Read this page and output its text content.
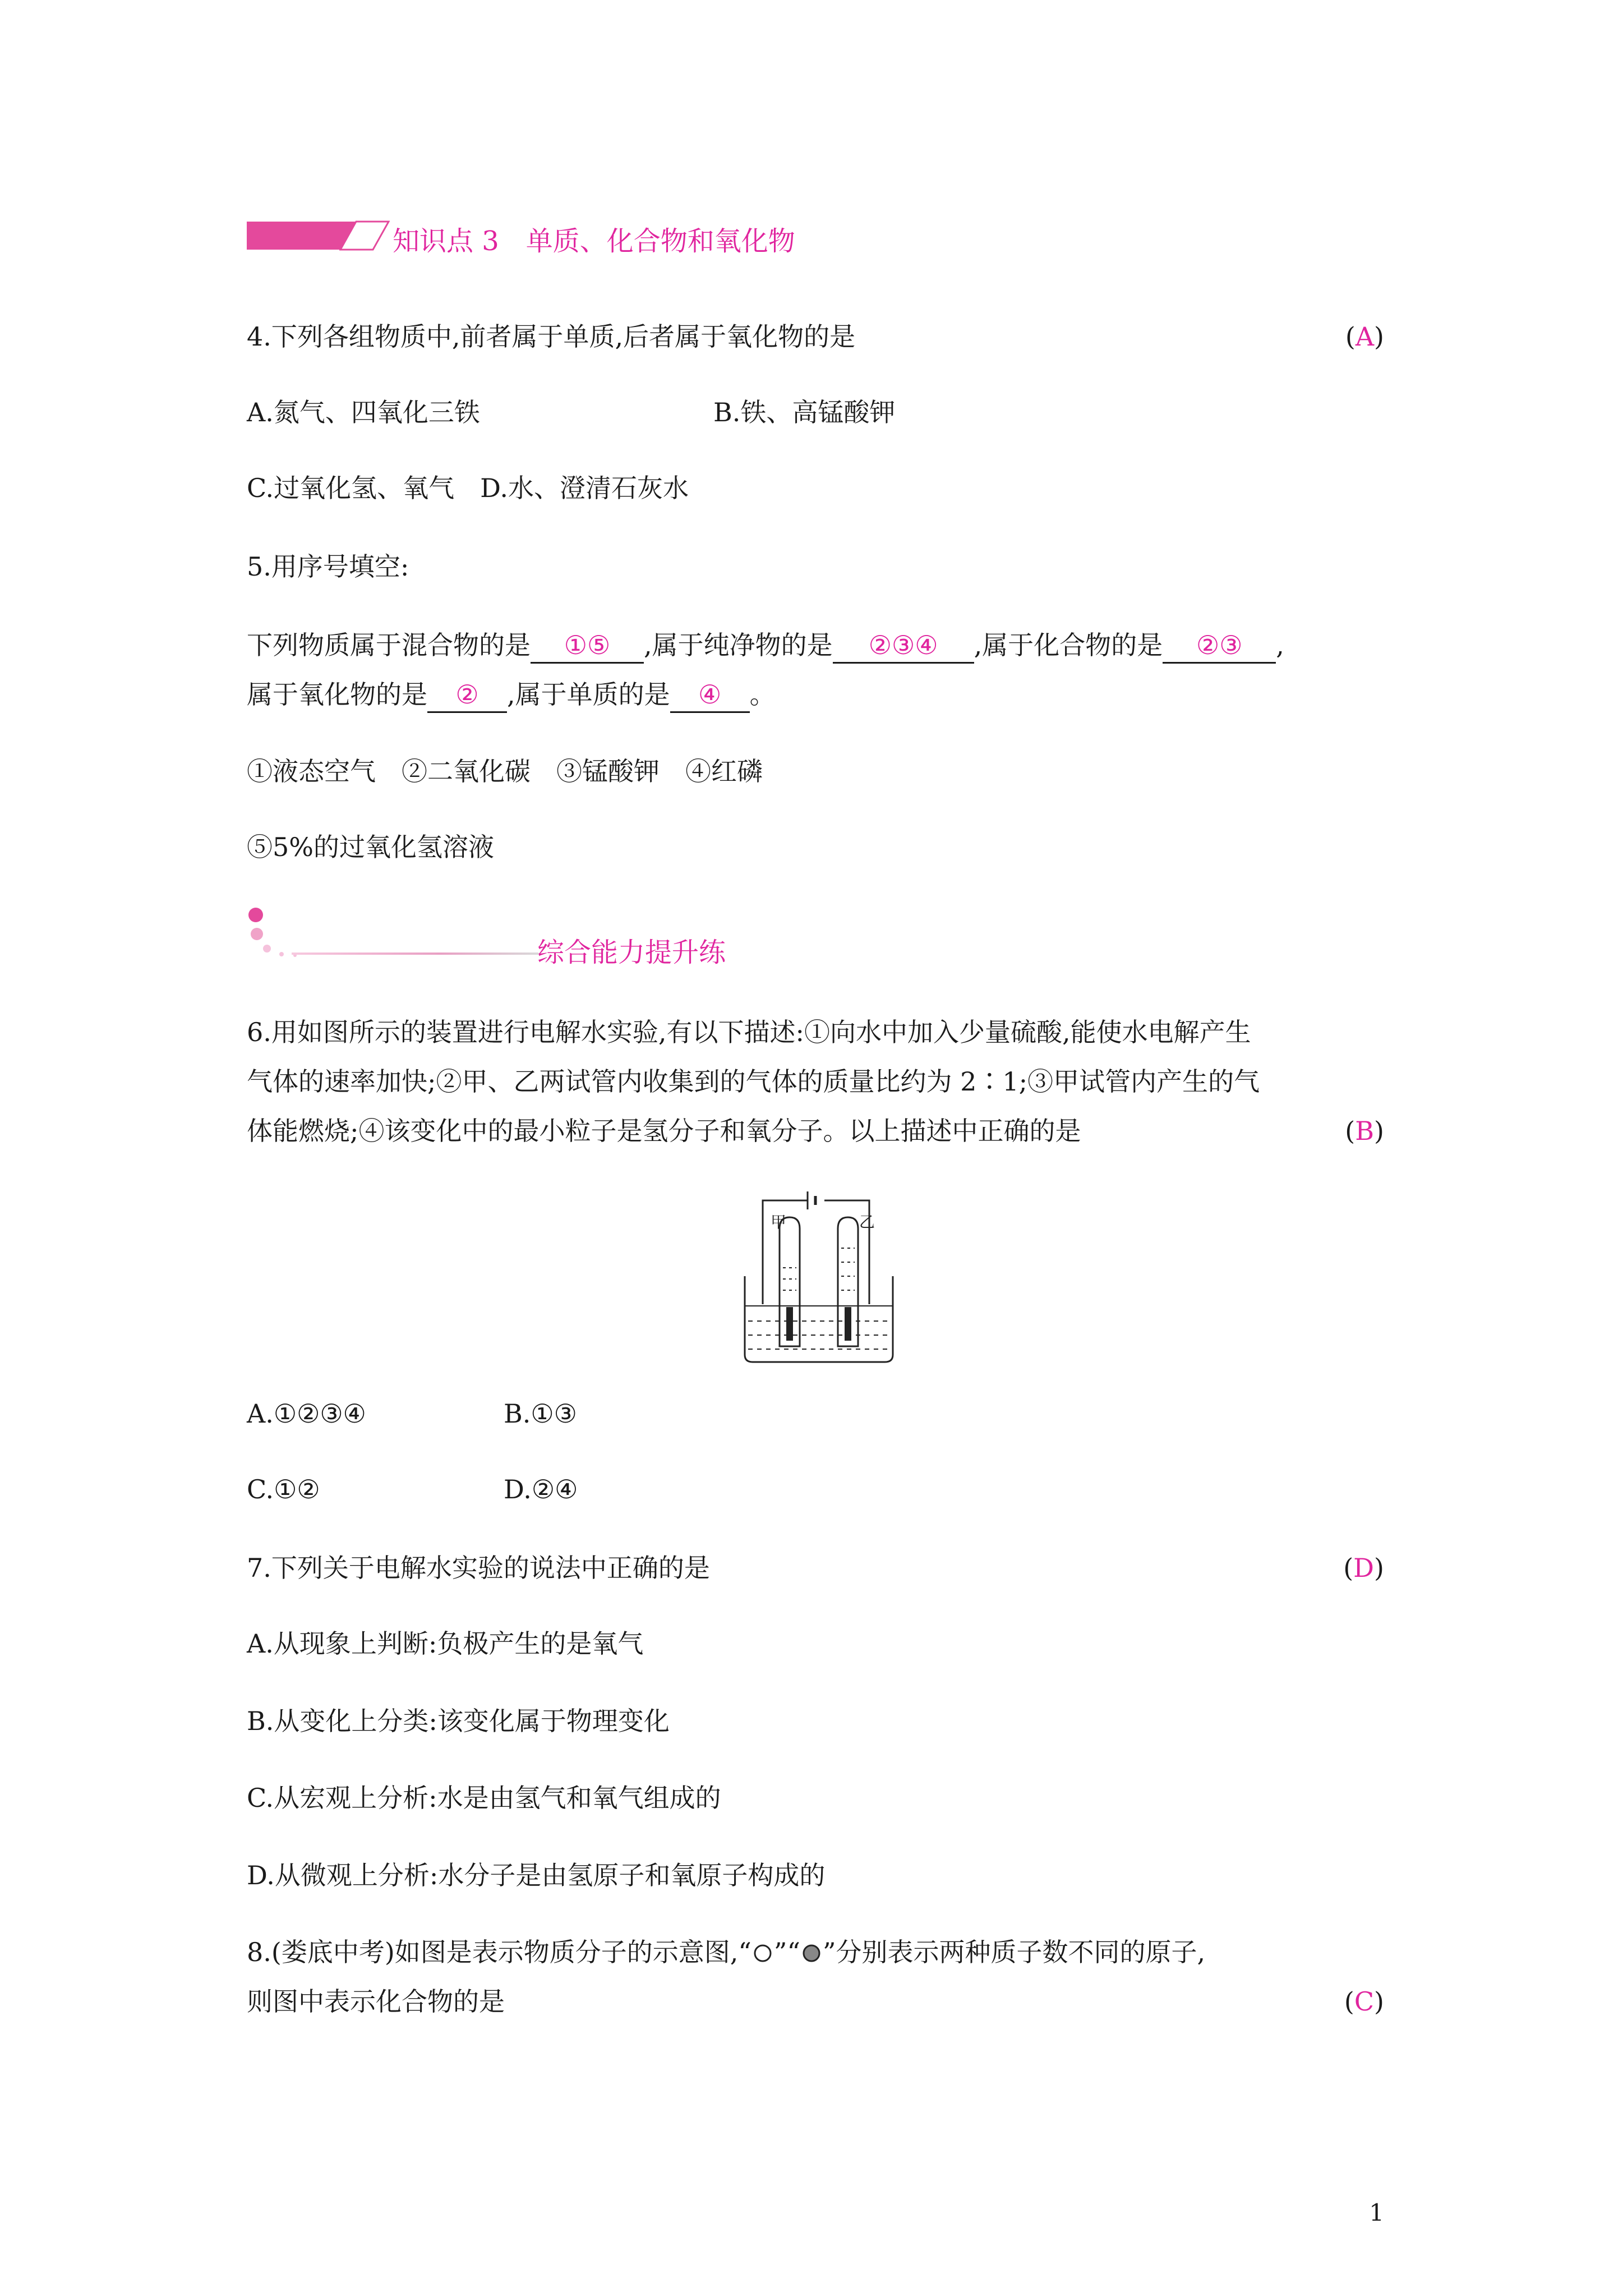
知识点 3　单质、化合物和氧化物
4.下列各组物质中,前者属于单质,后者属于氧化物的是	(A)
A.氮气、四氧化三铁	B.铁、高锰酸钾
C.过氧化氢、氧气　D.水、澄清石灰水
5.用序号填空:
下列物质属于混合物的是 ①⑤ ,属于纯净物的是 ②③④ ,属于化合物的是 ②③ ,
属于氧化物的是 ② ,属于单质的是 ④ 。
①液态空气　②二氧化碳　③锰酸钾　④红磷
⑤5%的过氧化氢溶液
综合能力提升练
6.用如图所示的装置进行电解水实验,有以下描述:①向水中加入少量硫酸,能使水电解产生
气体的速率加快;②甲、乙两试管内收集到的气体的质量比约为 2∶1;③甲试管内产生的气
体能燃烧;④该变化中的最小粒子是氢分子和氧分子。以上描述中正确的是	(B)
甲	乙
A.①②③④	B.①③
C.①②	D.②④
7.下列关于电解水实验的说法中正确的是	(D)
A.从现象上判断:负极产生的是氧气
B.从变化上分类:该变化属于物理变化
C.从宏观上分析:水是由氢气和氧气组成的
D.从微观上分析:水分子是由氢原子和氧原子构成的
8.(娄底中考)如图是表示物质分子的示意图,“ ”“ ”分别表示两种质子数不同的原子,
则图中表示化合物的是	(C)
1
